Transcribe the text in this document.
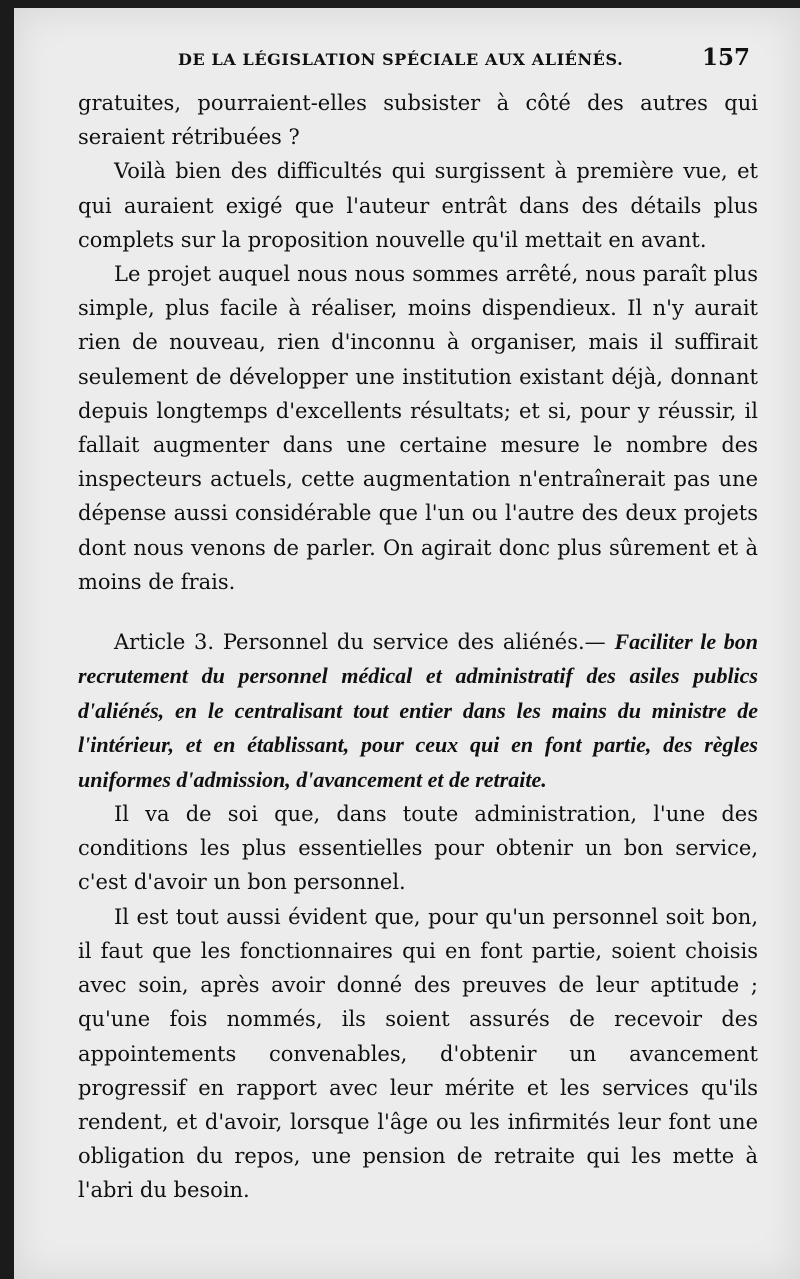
DE LA LÉGISLATION SPÉCIALE AUX ALIÉNÉS.	157

gratuites, pourraient-elles subsister à côté des autres qui seraient rétribuées ?

Voilà bien des difficultés qui surgissent à première vue, et qui auraient exigé que l'auteur entrât dans des détails plus complets sur la proposition nouvelle qu'il mettait en avant.

Le projet auquel nous nous sommes arrêté, nous paraît plus simple, plus facile à réaliser, moins dispendieux. Il n'y aurait rien de nouveau, rien d'inconnu à organiser, mais il suffirait seulement de développer une institution existant déjà, donnant depuis longtemps d'excellents résultats; et si, pour y réussir, il fallait augmenter dans une certaine mesure le nombre des inspecteurs actuels, cette augmentation n'entraînerait pas une dépense aussi considérable que l'un ou l'autre des deux projets dont nous venons de parler. On agirait donc plus sûrement et à moins de frais.

Article 3. Personnel du service des aliénés.— Faciliter le bon recrutement du personnel médical et administratif des asiles publics d'aliénés, en le centralisant tout entier dans les mains du ministre de l'intérieur, et en établissant, pour ceux qui en font partie, des règles uniformes d'admission, d'avancement et de retraite.

Il va de soi que, dans toute administration, l'une des conditions les plus essentielles pour obtenir un bon service, c'est d'avoir un bon personnel.

Il est tout aussi évident que, pour qu'un personnel soit bon, il faut que les fonctionnaires qui en font partie, soient choisis avec soin, après avoir donné des preuves de leur aptitude ; qu'une fois nommés, ils soient assurés de recevoir des appointements convenables, d'obtenir un avancement progressif en rapport avec leur mérite et les services qu'ils rendent, et d'avoir, lorsque l'âge ou les infirmités leur font une obligation du repos, une pension de retraite qui les mette à l'abri du besoin.
